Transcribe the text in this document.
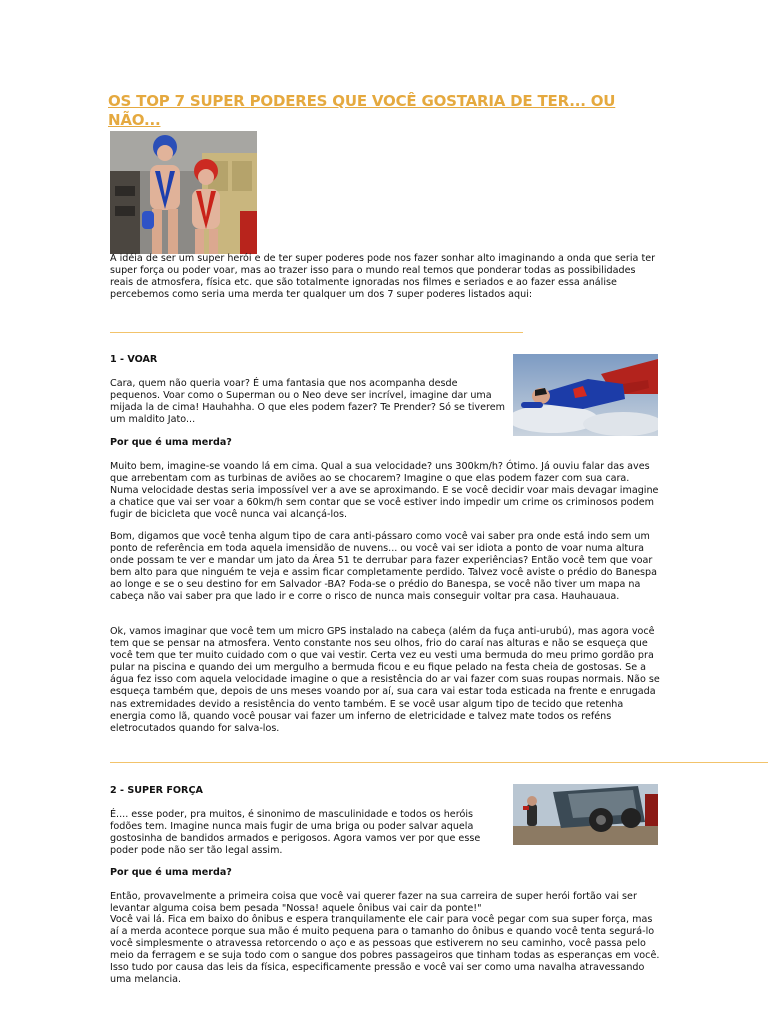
OS TOP 7 SUPER PODERES QUE VOCÊ GOSTARIA DE TER... OU NÃO...

A idéia de ser um super herói e de ter super poderes pode nos fazer sonhar alto imaginando a onda que seria ter super força ou poder voar, mas ao trazer isso para o mundo real temos que ponderar todas as possibilidades reais de atmosfera, física etc. que são totalmente ignoradas nos filmes e seriados e ao fazer essa análise percebemos como seria uma merda ter qualquer um dos 7 super poderes listados aqui:

1 - VOAR

Cara, quem não queria voar? É uma fantasia que nos acompanha desde pequenos. Voar como o Superman ou o Neo deve ser incrível, imagine dar uma mijada la de cima! Hauhahha. O que eles podem fazer? Te Prender? Só se tiverem um maldito Jato...

Por que é uma merda?

Muito bem, imagine-se voando lá em cima. Qual a sua velocidade? uns 300km/h? Ótimo. Já ouviu falar das aves que arrebentam com as turbinas de aviões ao se chocarem? Imagine o que elas podem fazer com sua cara. Numa velocidade destas seria impossível ver a ave se aproximando. E se você decidir voar mais devagar imagine a chatice que vai ser voar a 60km/h sem contar que se você estiver indo impedir um crime os criminosos podem fugir de bicicleta que você nunca vai alcançá-los.

Bom, digamos que você tenha algum tipo de cara anti-pássaro como você vai saber pra onde está indo sem um ponto de referência em toda aquela imensidão de nuvens... ou você vai ser idiota a ponto de voar numa altura onde possam te ver e mandar um jato da Área 51 te derrubar para fazer experiências? Então você tem que voar bem alto para que ninguém te veja e assim ficar completamente perdido. Talvez você aviste o prédio do Banespa ao longe e se o seu destino for em Salvador -BA? Foda-se o prédio do Banespa, se você não tiver um mapa na cabeça não vai saber pra que lado ir e corre o risco de nunca mais conseguir voltar pra casa. Hauhauaua.

Ok, vamos imaginar que você tem um micro GPS instalado na cabeça (além da fuça anti-urubú), mas agora você tem que se pensar na atmosfera. Vento constante nos seu olhos, frio do caraí nas alturas e não se esqueça que você tem que ter muito cuidado com o que vai vestir. Certa vez eu vesti uma bermuda do meu primo gordão pra pular na piscina e quando dei um mergulho a bermuda ficou e eu fique pelado na festa cheia de gostosas. Se a água fez isso com aquela velocidade imagine o que a resistência do ar vai fazer com suas roupas normais. Não se esqueça também que, depois de uns meses voando por aí, sua cara vai estar toda esticada na frente e enrugada nas extremidades devido a resistência do vento também. E se você usar algum tipo de tecido que retenha energia como lã, quando você pousar vai fazer um inferno de eletricidade e talvez mate todos os reféns eletrocutados quando for salva-los.

2 - SUPER FORÇA

É.... esse poder, pra muitos, é sinonimo de masculinidade e todos os heróis fodões tem. Imagine nunca mais fugir de uma briga ou poder salvar aquela gostosinha de bandidos armados e perigosos. Agora vamos ver por que esse poder pode não ser tão legal assim.

Por que é uma merda?

Então, provavelmente a primeira coisa que você vai querer fazer na sua carreira de super herói fortão vai ser levantar alguma coisa bem pesada "Nossa! aquele ônibus vai cair da ponte!"

Você vai lá. Fica em baixo do ônibus e espera tranquilamente ele cair para você pegar com sua super força, mas aí a merda acontece porque sua mão é muito pequena para o tamanho do ônibus e quando você tenta segurá-lo você simplesmente o atravessa retorcendo o aço e as pessoas que estiverem no seu caminho, você passa pelo meio da ferragem e se suja todo com o sangue dos pobres passageiros que tinham todas as esperanças em você. Isso tudo por causa das leis da física, especificamente pressão e você vai ser como uma navalha atravessando uma melancia.
